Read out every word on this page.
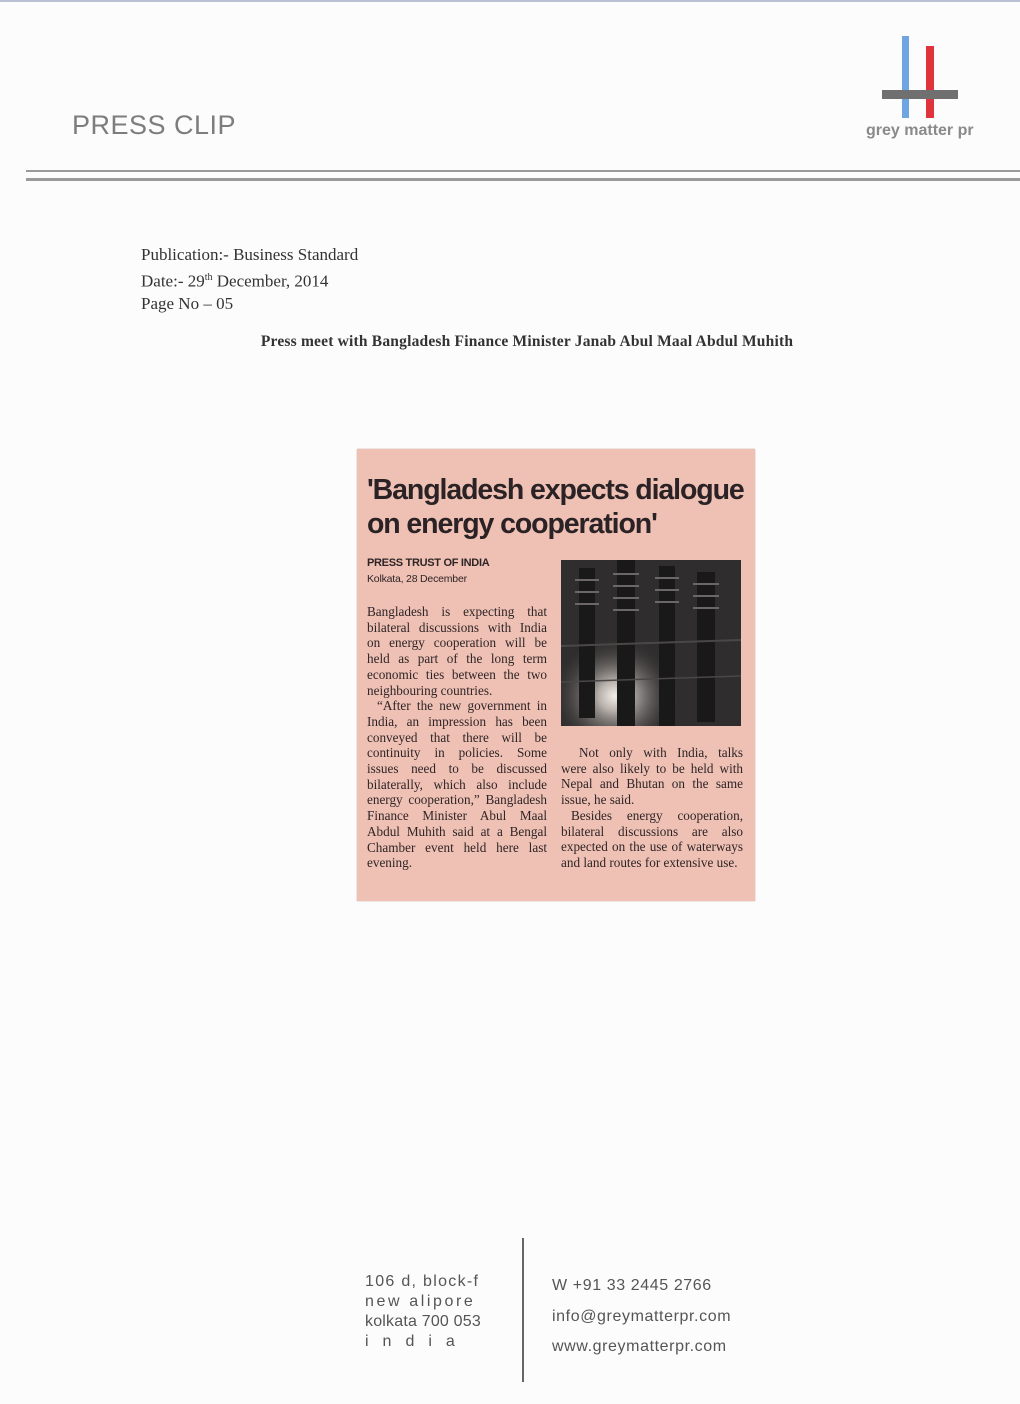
PRESS CLIP	grey matter pr
Publication:- Business Standard
Date:- 29th December, 2014
Page No – 05
Press meet with Bangladesh Finance Minister Janab Abul Maal Abdul Muhith
'Bangladesh expects dialogue on energy cooperation'
PRESS TRUST OF INDIA
Kolkata, 28 December

Bangladesh is expecting that bilateral discussions with India on energy cooperation will be held as part of the long term economic ties between the two neighbouring countries.

“After the new government in India, an impression has been conveyed that there will be continuity in policies. Some issues need to be discussed bilaterally, which also include energy cooperation,” Bangladesh Finance Minister Abul Maal Abdul Muhith said at a Bengal Chamber event held here last evening.

Not only with India, talks were also likely to be held with Nepal and Bhutan on the same issue, he said.

Besides energy cooperation, bilateral discussions are also expected on the use of waterways and land routes for extensive use.

106 d, block-f
new alipore
kolkata 700 053
india
W +91 33 2445 2766
info@greymatterpr.com
www.greymatterpr.com
